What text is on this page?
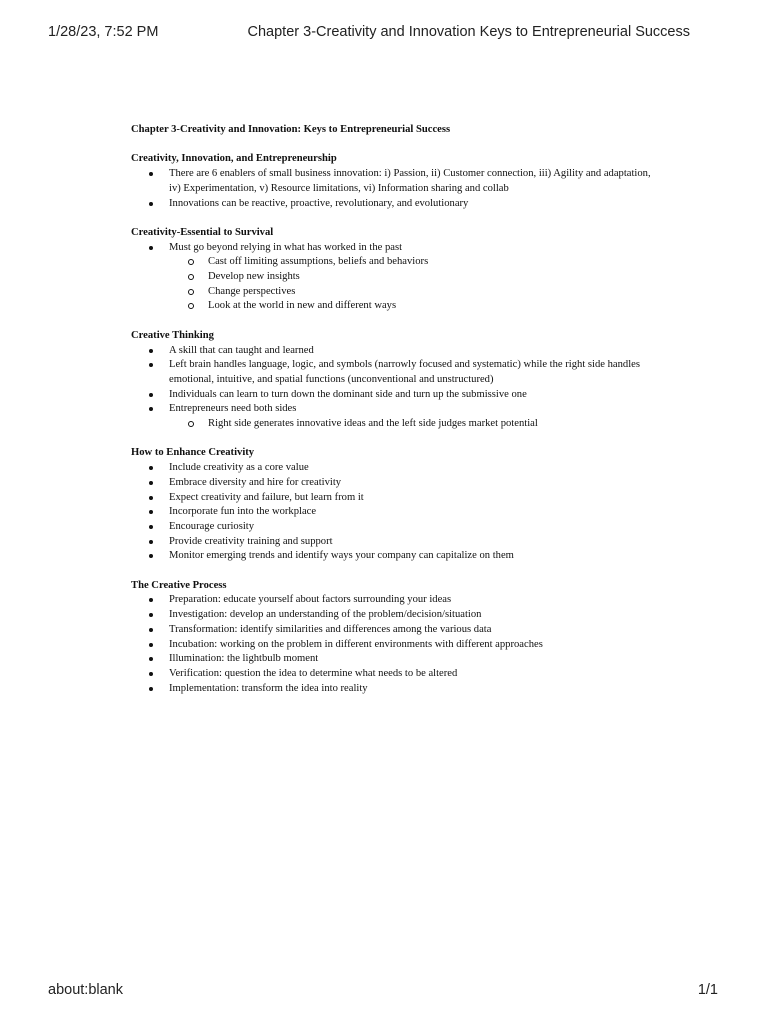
1/28/23, 7:52 PM	Chapter 3-Creativity and Innovation Keys to Entrepreneurial Success
Chapter 3-Creativity and Innovation: Keys to Entrepreneurial Success
Creativity, Innovation, and Entrepreneurship
There are 6 enablers of small business innovation: i) Passion, ii) Customer connection, iii) Agility and adaptation, iv) Experimentation, v) Resource limitations, vi) Information sharing and collab
Innovations can be reactive, proactive, revolutionary, and evolutionary
Creativity-Essential to Survival
Must go beyond relying in what has worked in the past
Cast off limiting assumptions, beliefs and behaviors
Develop new insights
Change perspectives
Look at the world in new and different ways
Creative Thinking
A skill that can taught and learned
Left brain handles language, logic, and symbols (narrowly focused and systematic) while the right side handles emotional, intuitive, and spatial functions (unconventional and unstructured)
Individuals can learn to turn down the dominant side and turn up the submissive one
Entrepreneurs need both sides
Right side generates innovative ideas and the left side judges market potential
How to Enhance Creativity
Include creativity as a core value
Embrace diversity and hire for creativity
Expect creativity and failure, but learn from it
Incorporate fun into the workplace
Encourage curiosity
Provide creativity training and support
Monitor emerging trends and identify ways your company can capitalize on them
The Creative Process
Preparation: educate yourself about factors surrounding your ideas
Investigation: develop an understanding of the problem/decision/situation
Transformation: identify similarities and differences among the various data
Incubation: working on the problem in different environments with different approaches
Illumination: the lightbulb moment
Verification: question the idea to determine what needs to be altered
Implementation: transform the idea into reality
about:blank	1/1
